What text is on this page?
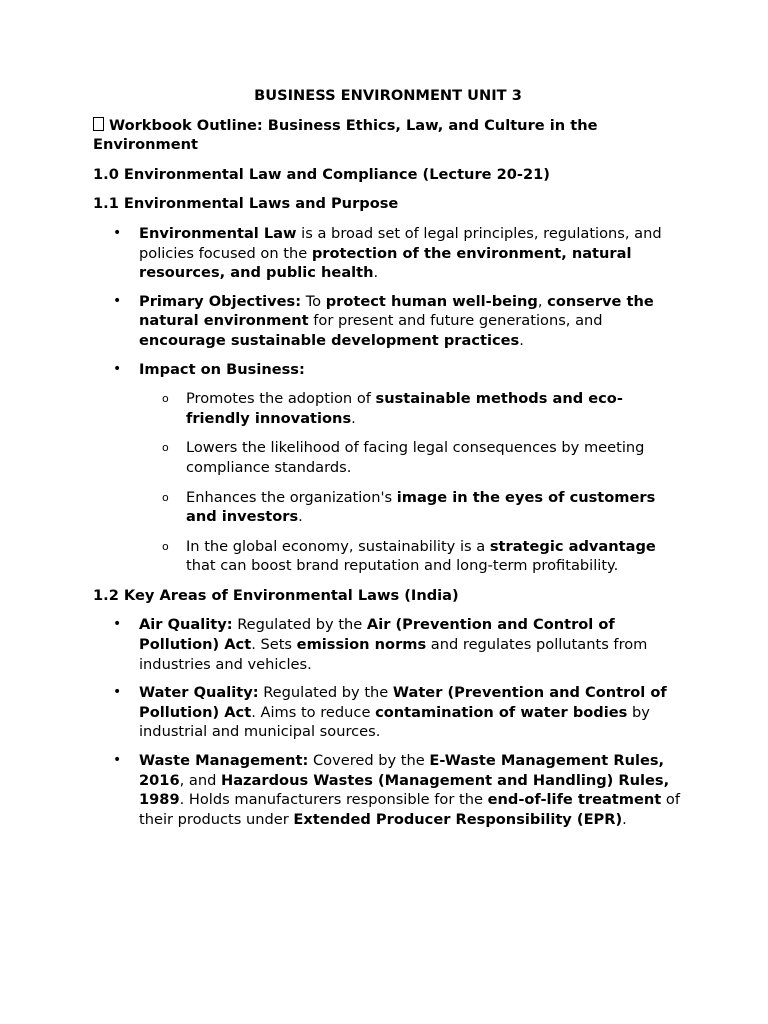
BUSINESS ENVIRONMENT UNIT 3

Workbook Outline: Business Ethics, Law, and Culture in the Environment

1.0 Environmental Law and Compliance (Lecture 20-21)

1.1 Environmental Laws and Purpose

• Environmental Law is a broad set of legal principles, regulations, and policies focused on the protection of the environment, natural resources, and public health.
• Primary Objectives: To protect human well-being, conserve the natural environment for present and future generations, and encourage sustainable development practices.
• Impact on Business:
o Promotes the adoption of sustainable methods and eco-friendly innovations.
o Lowers the likelihood of facing legal consequences by meeting compliance standards.
o Enhances the organization's image in the eyes of customers and investors.
o In the global economy, sustainability is a strategic advantage that can boost brand reputation and long-term profitability.

1.2 Key Areas of Environmental Laws (India)

• Air Quality: Regulated by the Air (Prevention and Control of Pollution) Act. Sets emission norms and regulates pollutants from industries and vehicles.
• Water Quality: Regulated by the Water (Prevention and Control of Pollution) Act. Aims to reduce contamination of water bodies by industrial and municipal sources.
• Waste Management: Covered by the E-Waste Management Rules, 2016, and Hazardous Wastes (Management and Handling) Rules, 1989. Holds manufacturers responsible for the end-of-life treatment of their products under Extended Producer Responsibility (EPR).
